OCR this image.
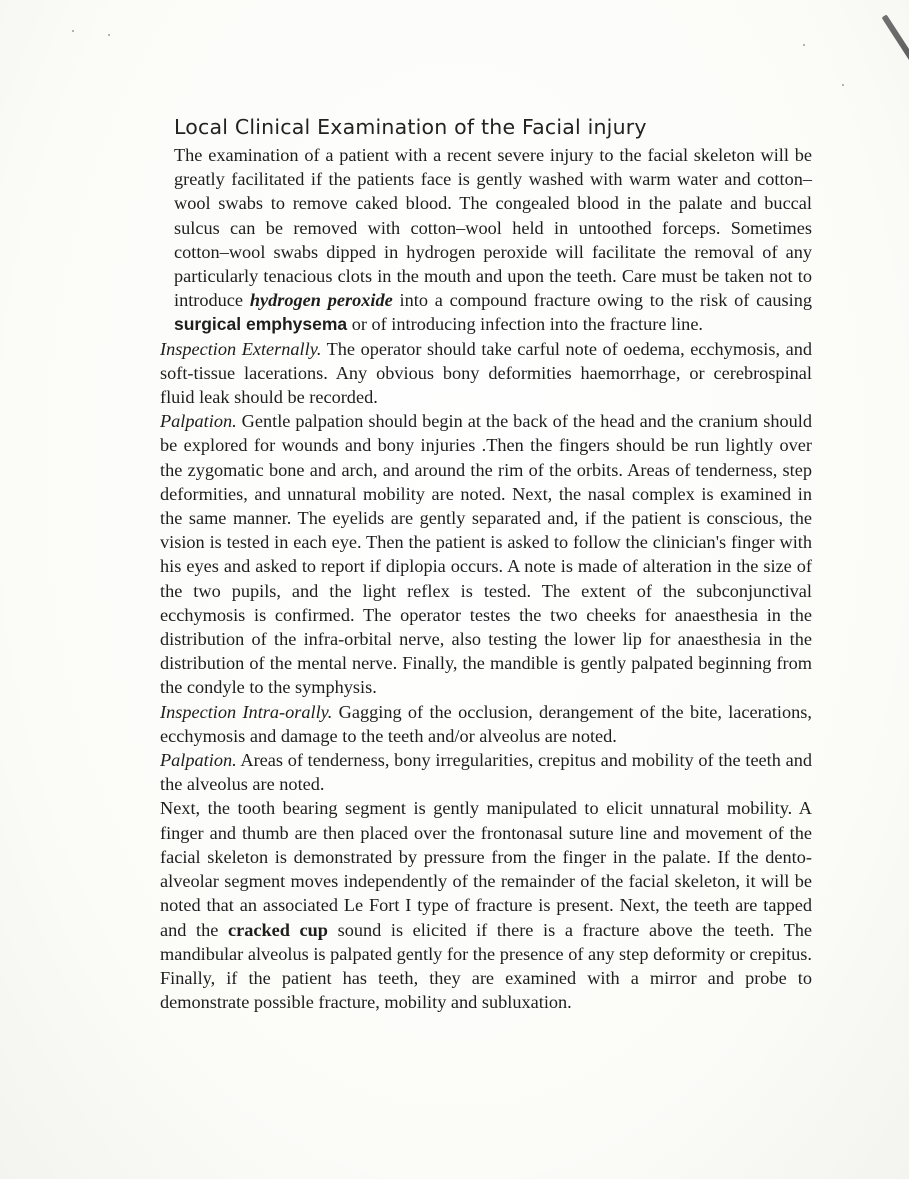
Local Clinical Examination of the Facial injury

The examination of a patient with a recent severe injury to the facial skeleton will be greatly facilitated if the patients face is gently washed with warm water and cotton–wool swabs to remove caked blood. The congealed blood in the palate and buccal sulcus can be removed with cotton–wool held in untoothed forceps. Sometimes cotton–wool swabs dipped in hydrogen peroxide will facilitate the removal of any particularly tenacious clots in the mouth and upon the teeth. Care must be taken not to introduce hydrogen peroxide into a compound fracture owing to the risk of causing surgical emphysema or of introducing infection into the fracture line.

Inspection Externally. The operator should take carful note of oedema, ecchymosis, and soft-tissue lacerations. Any obvious bony deformities haemorrhage, or cerebrospinal fluid leak should be recorded.

Palpation. Gentle palpation should begin at the back of the head and the cranium should be explored for wounds and bony injuries .Then the fingers should be run lightly over the zygomatic bone and arch, and around the rim of the orbits. Areas of tenderness, step deformities, and unnatural mobility are noted. Next, the nasal complex is examined in the same manner. The eyelids are gently separated and, if the patient is conscious, the vision is tested in each eye. Then the patient is asked to follow the clinician's finger with his eyes and asked to report if diplopia occurs. A note is made of alteration in the size of the two pupils, and the light reflex is tested. The extent of the subconjunctival ecchymosis is confirmed. The operator testes the two cheeks for anaesthesia in the distribution of the infra-orbital nerve, also testing the lower lip for anaesthesia in the distribution of the mental nerve. Finally, the mandible is gently palpated beginning from the condyle to the symphysis.

Inspection Intra-orally. Gagging of the occlusion, derangement of the bite, lacerations, ecchymosis and damage to the teeth and/or alveolus are noted.

Palpation. Areas of tenderness, bony irregularities, crepitus and mobility of the teeth and the alveolus are noted.

Next, the tooth bearing segment is gently manipulated to elicit unnatural mobility. A finger and thumb are then placed over the frontonasal suture line and movement of the facial skeleton is demonstrated by pressure from the finger in the palate. If the dento-alveolar segment moves independently of the remainder of the facial skeleton, it will be noted that an associated Le Fort I type of fracture is present. Next, the teeth are tapped and the cracked cup sound is elicited if there is a fracture above the teeth. The mandibular alveolus is palpated gently for the presence of any step deformity or crepitus. Finally, if the patient has teeth, they are examined with a mirror and probe to demonstrate possible fracture, mobility and subluxation.
